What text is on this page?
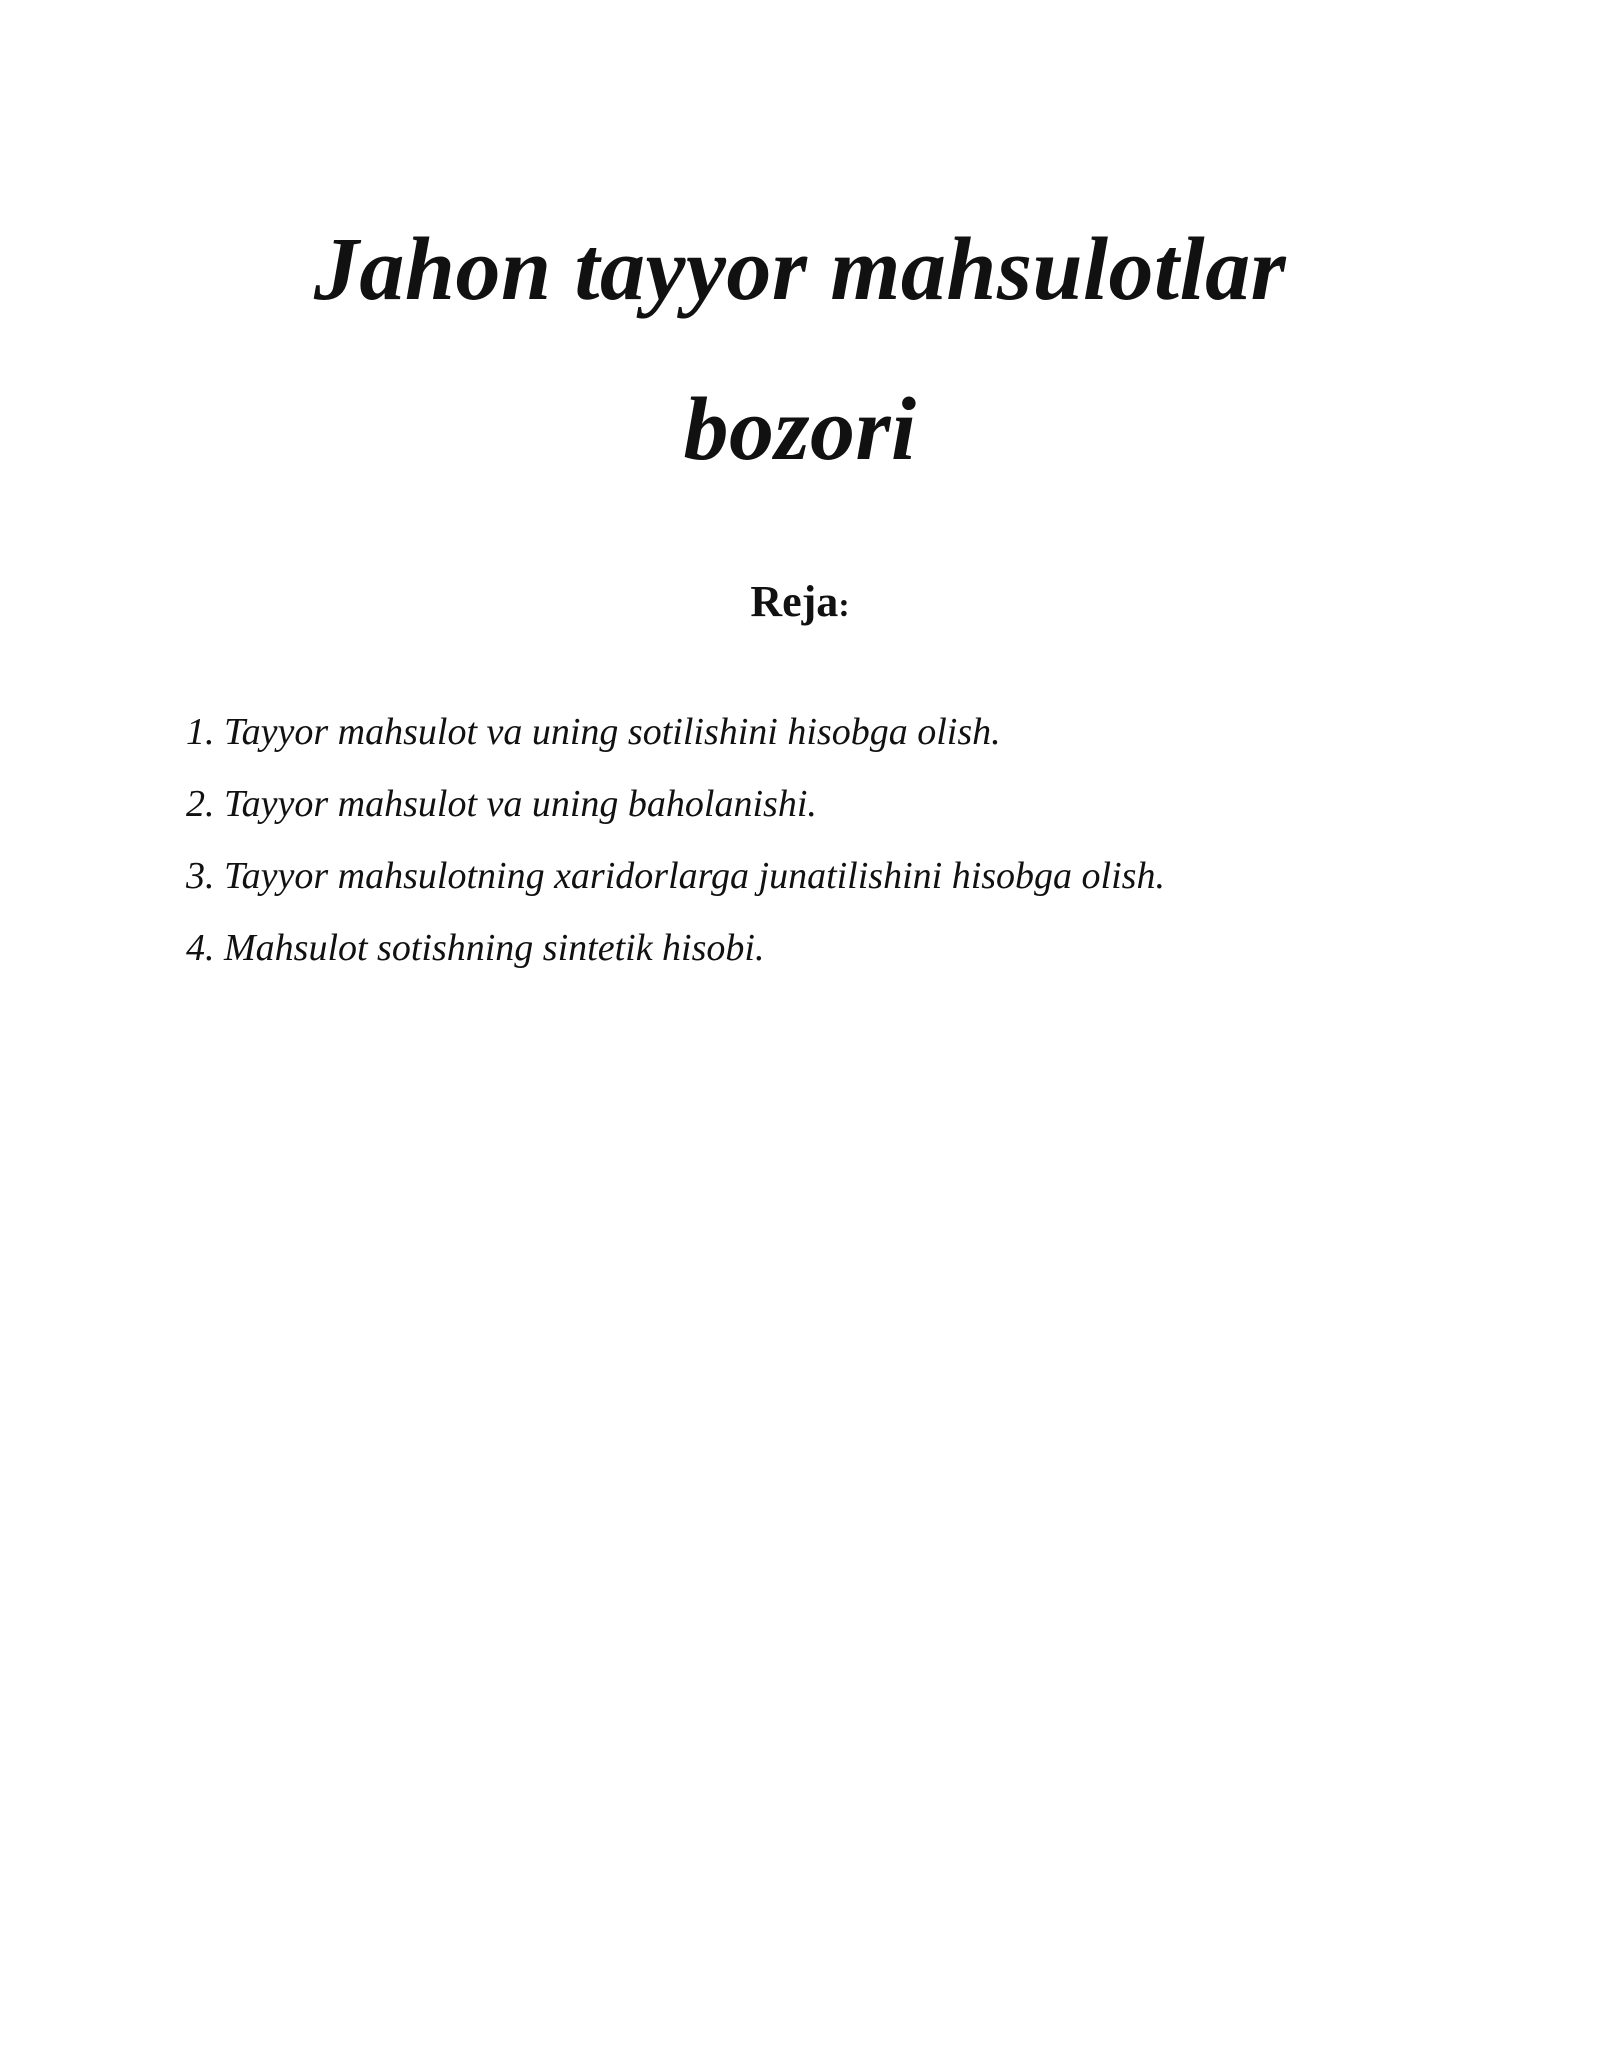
Jahon tayyor mahsulotlar
bozori
Reja:
1. Tayyor mahsulot va uning sotilishini hisobga olish.
2. Tayyor mahsulot va uning baholanishi.
3. Tayyor mahsulotning xaridorlarga junatilishini hisobga olish.
4. Mahsulot sotishning sintetik hisobi.
